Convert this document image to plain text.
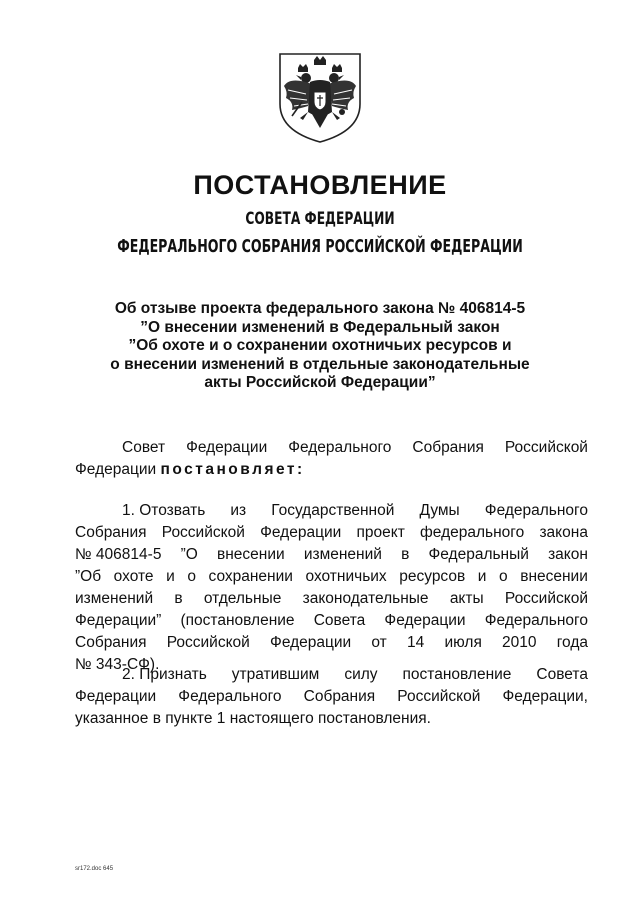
ПОСТАНОВЛЕНИЕ
СОВЕТА ФЕДЕРАЦИИ
ФЕДЕРАЛЬНОГО СОБРАНИЯ РОССИЙСКОЙ ФЕДЕРАЦИИ
Об отзыве проекта федерального закона № 406814-5
”О внесении изменений в Федеральный закон
”Об охоте и о сохранении охотничьих ресурсов и
о внесении изменений в отдельные законодательные
акты Российской Федерации”
Совет Федерации Федерального Собрания Российской
Федерации
постановляет:
1. Отозвать из Государственной Думы Федерального
Собрания Российской Федерации проект федерального закона
№ 406814-5 ”О внесении изменений в Федеральный закон
”Об охоте и о сохранении охотничьих ресурсов и о внесении
изменений в отдельные законодательные акты Российской
Федерации” (постановление Совета Федерации Федерального
Собрания Российской Федерации от 14 июля 2010 года
№ 343-СФ).
2. Признать утратившим силу постановление Совета
Федерации Федерального Собрания Российской Федерации,
указанное в пункте 1 настоящего постановления.
sr172.doc 645
